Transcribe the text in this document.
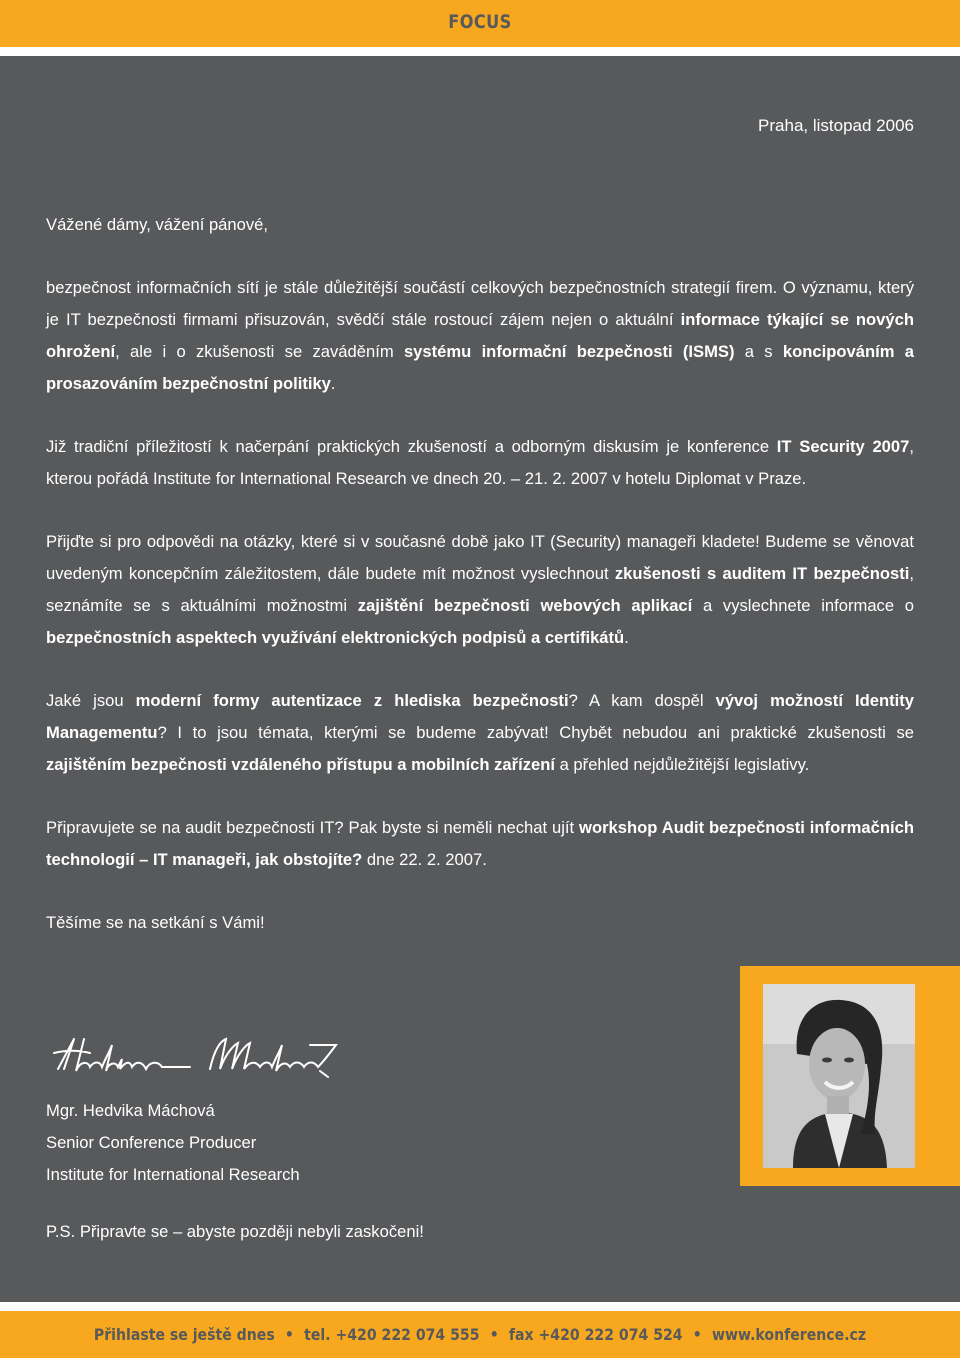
FOCUS
Praha, listopad 2006

Vážené dámy, vážení pánové,

bezpečnost informačních sítí je stále důležitější součástí celkových bezpečnostních strategií firem. O významu, který je IT bezpečnosti firmami přisuzován, svědčí stále rostoucí zájem nejen o aktuální informace týkající se nových ohrožení, ale i o zkušenosti se zaváděním systému informační bezpečnosti (ISMS) a s koncipováním a prosazováním bezpečnostní politiky.

Již tradiční příležitostí k načerpání praktických zkušeností a odborným diskusím je konference IT Security 2007, kterou pořádá Institute for International Research ve dnech 20. – 21. 2. 2007 v hotelu Diplomat v Praze.

Přijďte si pro odpovědi na otázky, které si v současné době jako IT (Security) manageři kladete! Budeme se věnovat uvedeným koncepčním záležitostem, dále budete mít možnost vyslechnout zkušenosti s auditem IT bezpečnosti, seznámíte se s aktuálními možnostmi zajištění bezpečnosti webových aplikací a vyslechnete informace o bezpečnostních aspektech využívání elektronických podpisů a certifikátů.

Jaké jsou moderní formy autentizace z hlediska bezpečnosti? A kam dospěl vývoj možností Identity Managementu? I to jsou témata, kterými se budeme zabývat! Chybět nebudou ani praktické zkušenosti se zajištěním bezpečnosti vzdáleného přístupu a mobilních zařízení a přehled nejdůležitější legislativy.

Připravujete se na audit bezpečnosti IT? Pak byste si neměli nechat ujít workshop Audit bezpečnosti informačních technologií – IT manageři, jak obstojíte? dne 22. 2. 2007.

Těšíme se na setkání s Vámi!

Hedvika Máchová
Mgr. Hedvika Máchová
Senior Conference Producer
Institute for International Research
P.S. Připravte se – abyste později nebyli zaskočeni!
Přihlaste se ještě dnes • tel. +420 222 074 555 • fax +420 222 074 524 • www.konference.cz
